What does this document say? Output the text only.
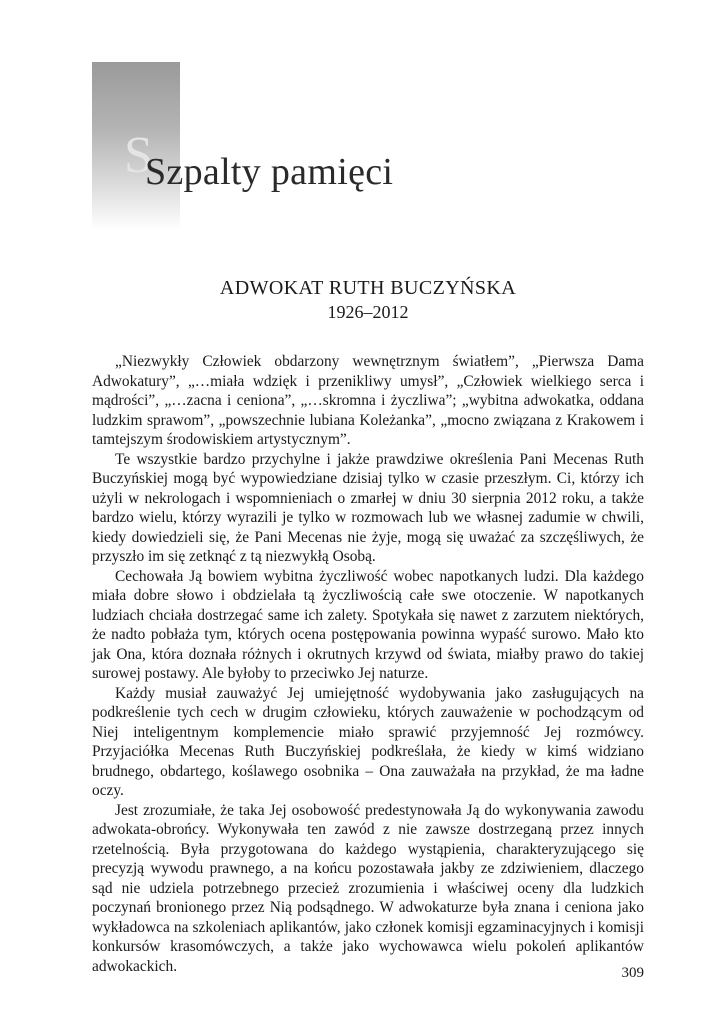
S
Szpalty pamięci
ADWOKAT RUTH BUCZYŃSKA
1926–2012

„Niezwykły Człowiek obdarzony wewnętrznym światłem”, „Pierwsza Dama Adwokatury”, „…miała wdzięk i przenikliwy umysł”, „Człowiek wielkiego serca i mądrości”, „…zacna i ceniona”, „…skromna i życzliwa”; „wybitna adwokatka, oddana ludzkim sprawom”, „powszechnie lubiana Koleżanka”, „mocno związana z Krakowem i tamtejszym środowiskiem artystycznym”.

Te wszystkie bardzo przychylne i jakże prawdziwe określenia Pani Mecenas Ruth Buczyńskiej mogą być wypowiedziane dzisiaj tylko w czasie przeszłym. Ci, którzy ich użyli w nekrologach i wspomnieniach o zmarłej w dniu 30 sierpnia 2012 roku, a także bardzo wielu, którzy wyrazili je tylko w rozmowach lub we własnej zadumie w chwili, kiedy dowiedzieli się, że Pani Mecenas nie żyje, mogą się uważać za szczęśliwych, że przyszło im się zetknąć z tą niezwykłą Osobą.

Cechowała Ją bowiem wybitna życzliwość wobec napotkanych ludzi. Dla każdego miała dobre słowo i obdzielała tą życzliwością całe swe otoczenie. W napotkanych ludziach chciała dostrzegać same ich zalety. Spotykała się nawet z zarzutem niektórych, że nadto pobłaża tym, których ocena postępowania powinna wypaść surowo. Mało kto jak Ona, która doznała różnych i okrutnych krzywd od świata, miałby prawo do takiej surowej postawy. Ale byłoby to przeciwko Jej naturze.

Każdy musiał zauważyć Jej umiejętność wydobywania jako zasługujących na podkreślenie tych cech w drugim człowieku, których zauważenie w pochodzącym od Niej inteligentnym komplemencie miało sprawić przyjemność Jej rozmówcy. Przyjaciółka Mecenas Ruth Buczyńskiej podkreślała, że kiedy w kimś widziano brudnego, obdartego, koślawego osobnika – Ona zauważała na przykład, że ma ładne oczy.

Jest zrozumiałe, że taka Jej osobowość predestynowała Ją do wykonywania zawodu adwokata-obrońcy. Wykonywała ten zawód z nie zawsze dostrzeganą przez innych rzetelnością. Była przygotowana do każdego wystąpienia, charakteryzującego się precyzją wywodu prawnego, a na końcu pozostawała jakby ze zdziwieniem, dlaczego sąd nie udziela potrzebnego przecież zrozumienia i właściwej oceny dla ludzkich poczynań bronionego przez Nią podsądnego. W adwokaturze była znana i ceniona jako wykładowca na szkoleniach aplikantów, jako członek komisji egzaminacyjnych i komisji konkursów krasomówczych, a także jako wychowawca wielu pokoleń aplikantów adwokackich.	309
